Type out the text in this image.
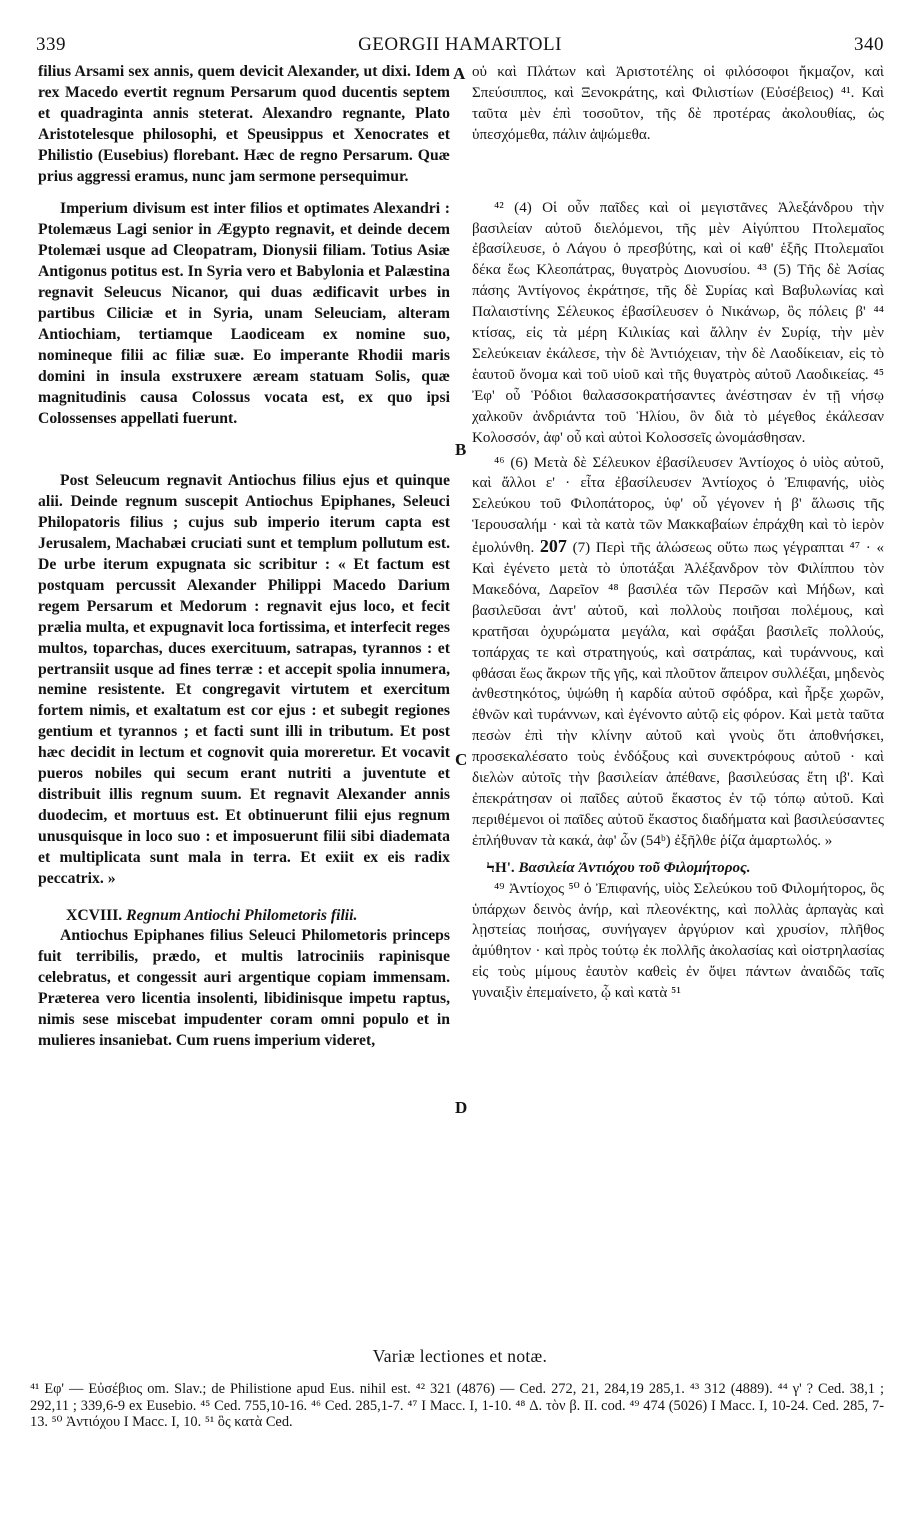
339	GEORGII HAMARTOLI	340

filius Arsami sex annis, quem devicit Alexander, ut dixi. Idem rex Macedo evertit regnum Persarum quod ducentis septem et quadraginta annis steterat. Alexandro regnante, Plato Aristotelesque philosophi, et Speusippus et Xenocrates et Philistio (Eusebius) florebant. Hæc de regno Persarum. Quæ prius aggressi eramus, nunc jam sermone persequimur.

Imperium divisum est inter filios et optimates Alexandri : Ptolemæus Lagi senior in Ægypto regnavit, et deinde decem Ptolemæi usque ad Cleopatram, Dionysii filiam. Totius Asiæ Antigonus potitus est. In Syria vero et Babylonia et Palæstina regnavit Seleucus Nicanor, qui duas ædificavit urbes in partibus Ciliciæ et in Syria, unam Seleuciam, alteram Antiochiam, tertiamque Laodiceam ex nomine suo, nomineque filii ac filiæ suæ. Eo imperante Rhodii maris domini in insula exstruxere æream statuam Solis, quæ magnitudinis causa Colossus vocata est, ex quo ipsi Colossenses appellati fuerunt.

Post Seleucum regnavit Antiochus filius ejus et quinque alii. Deinde regnum suscepit Antiochus Epiphanes, Seleuci Philopatoris filius ; cujus sub imperio iterum capta est Jerusalem, Machabæi cruciati sunt et templum pollutum est. De urbe iterum expugnata sic scribitur : « Et factum est postquam percussit Alexander Philippi Macedo Darium regem Persarum et Medorum : regnavit ejus loco, et fecit prælia multa, et expugnavit loca fortissima, et interfecit reges multos, toparchas, duces exercituum, satrapas, tyrannos : et pertransiit usque ad fines terræ : et accepit spolia innumera, nemine resistente. Et congregavit virtutem et exercitum fortem nimis, et exaltatum est cor ejus : et subegit regiones gentium et tyrannos ; et facti sunt illi in tributum. Et post hæc decidit in lectum et cognovit quia moreretur. Et vocavit pueros nobiles qui secum erant nutriti a juventute et distribuit illis regnum suum. Et regnavit Alexander annis duodecim, et mortuus est. Et obtinuerunt filii ejus regnum unusquisque in loco suo : et imposuerunt filii sibi diademata et multiplicata sunt mala in terra. Et exiit ex eis radix peccatrix. »

XCVIII. Regnum Antiochi Philometoris filii.

Antiochus Epiphanes filius Seleuci Philometoris princeps fuit terribilis, prædo, et multis latrociniis rapinisque celebratus, et congessit auri argentique copiam immensam. Præterea vero licentia insolenti, libidinisque impetu raptus, nimis sese miscebat impudenter coram omni populo et in mulieres insaniebat. Cum ruens imperium videret,

οὐ καὶ Πλάτων καὶ Ἀριστοτέλης οἱ φιλόσοφοι ἤκμαζον, καὶ Σπεύσιππος, καὶ Ξενοκράτης, καὶ Φιλιστίων (Εὐσέβειος) ⁴¹. Καὶ ταῦτα μὲν ἐπὶ τοσοῦτον, τῆς δὲ προτέρας ἀκολουθίας, ὡς ὑπεσχόμεθα, πάλιν ἁψώμεθα.

⁴² (4) Οἱ οὖν παῖδες καὶ οἱ μεγιστᾶνες Ἀλεξάνδρου τὴν βασιλείαν αὐτοῦ διελόμενοι, τῆς μὲν Αἰγύπτου Πτολεμαῖος ἐβασίλευσε, ὁ Λάγου ὁ πρεσβύτης, καὶ οἱ καθ' ἑξῆς Πτολεμαῖοι δέκα ἕως Κλεοπάτρας, θυγατρὸς Διονυσίου. ⁴³ (5) Τῆς δὲ Ἀσίας πάσης Ἀντίγονος ἐκράτησε, τῆς δὲ Συρίας καὶ Βαβυλωνίας καὶ Παλαιστίνης Σέλευκος ἐβασίλευσεν ὁ Νικάνωρ, ὃς πόλεις β' ⁴⁴ κτίσας, εἰς τὰ μέρη Κιλικίας καὶ ἄλλην ἐν Συρίᾳ, τὴν μὲν Σελεύκειαν ἐκάλεσε, τὴν δὲ Ἀντιόχειαν, τὴν δὲ Λαοδίκειαν, εἰς τὸ ἑαυτοῦ ὄνομα καὶ τοῦ υἱοῦ καὶ τῆς θυγατρὸς αὐτοῦ Λαοδικείας. ⁴⁵ Ἐφ' οὗ Ῥόδιοι θαλασσοκρατήσαντες ἀνέστησαν ἐν τῇ νήσῳ χαλκοῦν ἀνδριάντα τοῦ Ἡλίου, ὃν διὰ τὸ μέγεθος ἐκάλεσαν Κολοσσόν, ἀφ' οὗ καὶ αὐτοὶ Κολοσσεῖς ὠνομάσθησαν.

⁴⁶ (6) Μετὰ δὲ Σέλευκον ἐβασίλευσεν Ἀντίοχος ὁ υἱὸς αὐτοῦ, καὶ ἄλλοι ε' · εἶτα ἐβασίλευσεν Ἀντίοχος ὁ Ἐπιφανής, υἱὸς Σελεύκου τοῦ Φιλοπάτορος, ὑφ' οὗ γέγονεν ἡ β' ἅλωσις τῆς Ἱερουσαλήμ · καὶ τὰ κατὰ τῶν Μακκαβαίων ἐπράχθη καὶ τὸ ἱερὸν ἐμολύνθη. 207 (7) Περὶ τῆς ἁλώσεως οὕτω πως γέγραπται ⁴⁷ · « Καὶ ἐγένετο μετὰ τὸ ὑποτάξαι Ἀλέξανδρον τὸν Φιλίππου τὸν Μακεδόνα, Δαρεῖον ⁴⁸ βασιλέα τῶν Περσῶν καὶ Μήδων, καὶ βασιλεῦσαι ἀντ' αὐτοῦ, καὶ πολλοὺς ποιῆσαι πολέμους, καὶ κρατῆσαι ὀχυρώματα μεγάλα, καὶ σφάξαι βασιλεῖς πολλούς, τοπάρχας τε καὶ στρατηγούς, καὶ σατράπας, καὶ τυράννους, καὶ φθάσαι ἕως ἄκρων τῆς γῆς, καὶ πλοῦτον ἄπειρον συλλέξαι, μηδενὸς ἀνθεστηκότος, ὑψώθη ἡ καρδία αὐτοῦ σφόδρα, καὶ ἦρξε χωρῶν, ἐθνῶν καὶ τυράννων, καὶ ἐγένοντο αὐτῷ εἰς φόρον. Καὶ μετὰ ταῦτα πεσὼν ἐπὶ τὴν κλίνην αὐτοῦ καὶ γνοὺς ὅτι ἀποθνήσκει, προσεκαλέσατο τοὺς ἐνδόξους καὶ συνεκτρόφους αὐτοῦ · καὶ διελὼν αὐτοῖς τὴν βασιλείαν ἀπέθανε, βασιλεύσας ἔτη ιβ'. Καὶ ἐπεκράτησαν οἱ παῖδες αὐτοῦ ἕκαστος ἐν τῷ τόπῳ αὐτοῦ. Καὶ περιθέμενοι οἱ παῖδες αὐτοῦ ἕκαστος διαδήματα καὶ βασιλεύσαντες ἐπλήθυναν τὰ κακά, ἀφ' ὧν (54ᵇ) ἐξῆλθε ῥίζα ἁμαρτωλός. »

ϞΗ'. Βασιλεία Ἀντιόχου τοῦ Φιλομήτορος.

⁴⁹ Ἀντίοχος ⁵⁰ ὁ Ἐπιφανής, υἱὸς Σελεύκου τοῦ Φιλομήτορος, ὃς ὑπάρχων δεινὸς ἀνήρ, καὶ πλεονέκτης, καὶ πολλὰς ἁρπαγὰς καὶ λῃστείας ποιήσας, συνήγαγεν ἀργύριον καὶ χρυσίον, πλῆθος ἀμύθητον · καὶ πρὸς τούτῳ ἐκ πολλῆς ἀκολασίας καὶ οἰστρηλασίας εἰς τοὺς μίμους ἑαυτὸν καθεὶς ἐν ὄψει πάντων ἀναιδῶς ταῖς γυναιξὶν ἐπεμαίνετο, ᾧ καὶ κατὰ ⁵¹

A
B
C
D
Variæ lectiones et notæ.
⁴¹ Εφ' — Εὐσέβιος om. Slav.; de Philistione apud Eus. nihil est. ⁴² 321 (4876) — Ced. 272, 21, 284,19 285,1. ⁴³ 312 (4889). ⁴⁴ γ' ? Ced. 38,1 ; 292,11 ; 339,6-9 ex Eusebio. ⁴⁵ Ced. 755,10-16. ⁴⁶ Ced. 285,1-7. ⁴⁷ I Macc. I, 1-10. ⁴⁸ Δ. τὸν β. II. cod. ⁴⁹ 474 (5026) I Macc. I, 10-24. Ced. 285, 7-13. ⁵⁰ Ἀντιόχου I Macc. I, 10. ⁵¹ ὃς κατὰ Ced.
